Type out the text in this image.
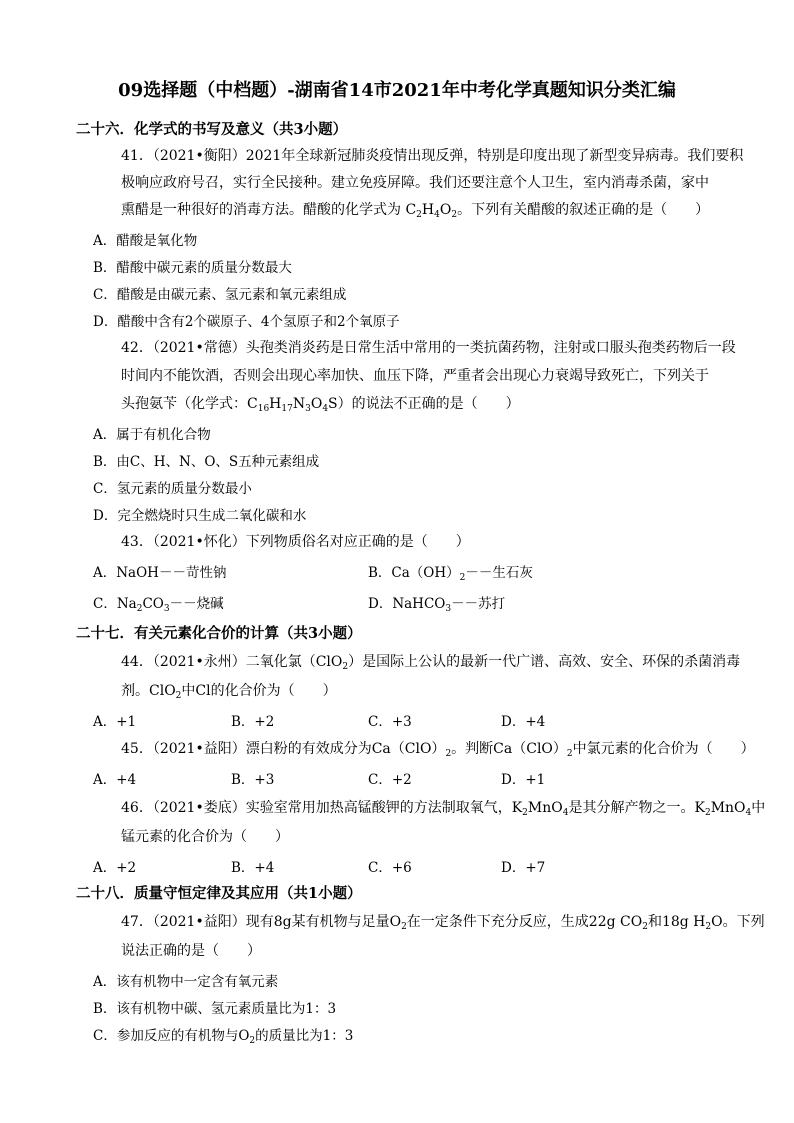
09选择题（中档题）-湖南省14市2021年中考化学真题知识分类汇编
二十六．化学式的书写及意义（共3小题）
41．（2021•衡阳）2021年全球新冠肺炎疫情出现反弹，特别是印度出现了新型变异病毒。我们要积
极响应政府号召，实行全民接种。建立免疫屏障。我们还要注意个人卫生，室内消毒杀菌，家中
熏醋是一种很好的消毒方法。醋酸的化学式为 $C_2H_4O_2$。下列有关醋酸的叙述正确的是（　　）
A．醋酸是氧化物
B．醋酸中碳元素的质量分数最大
C．醋酸是由碳元素、氢元素和氧元素组成
D．醋酸中含有2个碳原子、4个氢原子和2个氧原子
42．（2021•常德）头孢类消炎药是日常生活中常用的一类抗菌药物，注射或口服头孢类药物后一段
时间内不能饮酒，否则会出现心率加快、血压下降，严重者会出现心力衰竭导致死亡，下列关于
头孢氨苄（化学式：$C_{16}H_{17}N_3O_4S$）的说法不正确的是（　　）
A．属于有机化合物
B．由C、H、N、O、S五种元素组成
C．氢元素的质量分数最小
D．完全燃烧时只生成二氧化碳和水
43．（2021•怀化）下列物质俗名对应正确的是（　　）
A．NaOH－－苛性钠	B．$Ca(OH)_2--$生石灰
C．$Na_2CO_3--$烧碱	D．NaHCO$_3$－－苏打
二十七．有关元素化合价的计算（共3小题）
44．（2021•永州）二氧化氯（ClO$_2$）是国际上公认的最新一代广谱、高效、安全、环保的杀菌消毒
剂。ClO$_2$中Cl的化合价为（　　）
A．+1	B．+2	C．+3	D．+4
45．（2021•益阳）漂白粉的有效成分为$Ca(ClO)_2$。判断$Ca(ClO)_2$中氯元素的化合价为（　　）
A．+4	B．+3	C．+2	D．+1
46．（2021•娄底）实验室常用加热高锰酸钾的方法制取氧气，$K_2MnO_4$是其分解产物之一。$K_2MnO_4$中
锰元素的化合价为（　　）
A．+2	B．+4	C．+6	D．+7
二十八．质量守恒定律及其应用（共1小题）
47．（2021•益阳）现有8g某有机物与足量$O_2$在一定条件下充分反应，生成22g $CO_2$和18g $H_2O$。下列
说法正确的是（　　）
A．该有机物中一定含有氧元素
B．该有机物中碳、氢元素质量比为1：3
C．参加反应的有机物与$O_2$的质量比为1：3
